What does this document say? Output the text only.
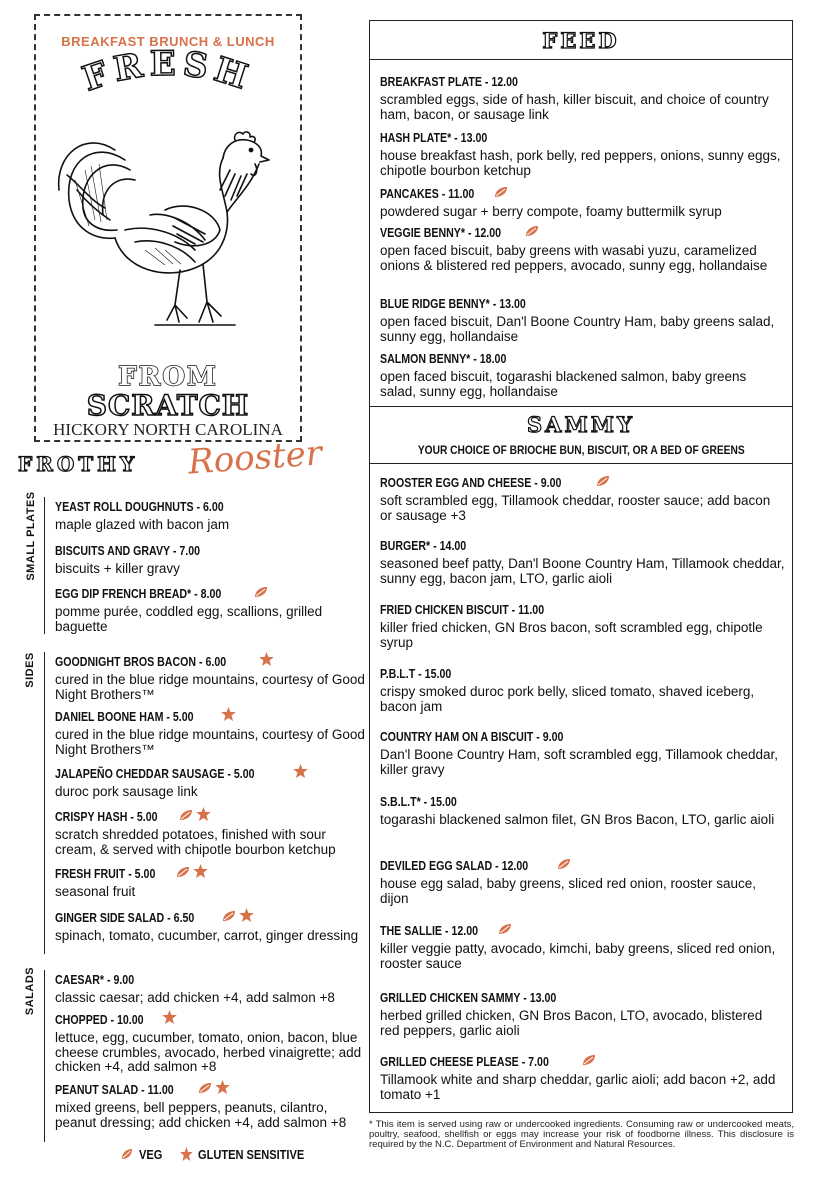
BREAKFAST BRUNCH & LUNCH
FRESH
FROM
SCRATCH
HICKORY NORTH CAROLINA
FROTHY Rooster
SMALL PLATES YEAST ROLL DOUGHNUTS - 6.00
maple glazed with bacon jam
BISCUITS AND GRAVY - 7.00
biscuits + killer gravy
EGG DIP FRENCH BREAD* - 8.00
pomme purée, coddled egg, scallions, grilled baguette
SIDES GOODNIGHT BROS BACON - 6.00
cured in the blue ridge mountains, courtesy of Good Night Brothers™
DANIEL BOONE HAM - 5.00
cured in the blue ridge mountains, courtesy of Good Night Brothers™
JALAPEÑO CHEDDAR SAUSAGE - 5.00
duroc pork sausage link
CRISPY HASH - 5.00
scratch shredded potatoes, finished with sour cream, & served with chipotle bourbon ketchup
FRESH FRUIT - 5.00
seasonal fruit
GINGER SIDE SALAD - 6.50
spinach, tomato, cucumber, carrot, ginger dressing
SALADS CAESAR* - 9.00
classic caesar; add chicken +4, add salmon +8
CHOPPED - 10.00
lettuce, egg, cucumber, tomato, onion, bacon, blue cheese crumbles, avocado, herbed vinaigrette; add chicken +4, add salmon +8
PEANUT SALAD - 11.00
mixed greens, bell peppers, peanuts, cilantro, peanut dressing; add chicken +4, add salmon +8
VEG	GLUTEN SENSITIVE
FEED
BREAKFAST PLATE - 12.00
scrambled eggs, side of hash, killer biscuit, and choice of country ham, bacon, or sausage link
HASH PLATE* - 13.00
house breakfast hash, pork belly, red peppers, onions, sunny eggs, chipotle bourbon ketchup
PANCAKES - 11.00
powdered sugar + berry compote, foamy buttermilk syrup
VEGGIE BENNY* - 12.00
open faced biscuit, baby greens with wasabi yuzu, caramelized onions & blistered red peppers, avocado, sunny egg, hollandaise
BLUE RIDGE BENNY* - 13.00
open faced biscuit, Dan'l Boone Country Ham, baby greens salad, sunny egg, hollandaise
SALMON BENNY* - 18.00
open faced biscuit, togarashi blackened salmon, baby greens salad, sunny egg, hollandaise
SAMMY
YOUR CHOICE OF BRIOCHE BUN, BISCUIT, OR A BED OF GREENS
ROOSTER EGG AND CHEESE - 9.00
soft scrambled egg, Tillamook cheddar, rooster sauce; add bacon or sausage +3
BURGER* - 14.00
seasoned beef patty, Dan'l Boone Country Ham, Tillamook cheddar, sunny egg, bacon jam, LTO, garlic aioli
FRIED CHICKEN BISCUIT - 11.00
killer fried chicken, GN Bros bacon, soft scrambled egg, chipotle syrup
P.B.L.T - 15.00
crispy smoked duroc pork belly, sliced tomato, shaved iceberg, bacon jam
COUNTRY HAM ON A BISCUIT - 9.00
Dan'l Boone Country Ham, soft scrambled egg, Tillamook cheddar, killer gravy
S.B.L.T* - 15.00
togarashi blackened salmon filet, GN Bros Bacon, LTO, garlic aioli
DEVILED EGG SALAD - 12.00
house egg salad, baby greens, sliced red onion, rooster sauce, dijon
THE SALLIE - 12.00
killer veggie patty, avocado, kimchi, baby greens, sliced red onion, rooster sauce
GRILLED CHICKEN SAMMY - 13.00
herbed grilled chicken, GN Bros Bacon, LTO, avocado, blistered red peppers, garlic aioli
GRILLED CHEESE PLEASE - 7.00
Tillamook white and sharp cheddar, garlic aioli; add bacon +2, add tomato +1
* This item is served using raw or undercooked ingredients. Consuming raw or undercooked meats, poultry, seafood, shellfish or eggs may increase your risk of foodborne illness. This disclosure is required by the N.C. Department of Environment and Natural Resources.
